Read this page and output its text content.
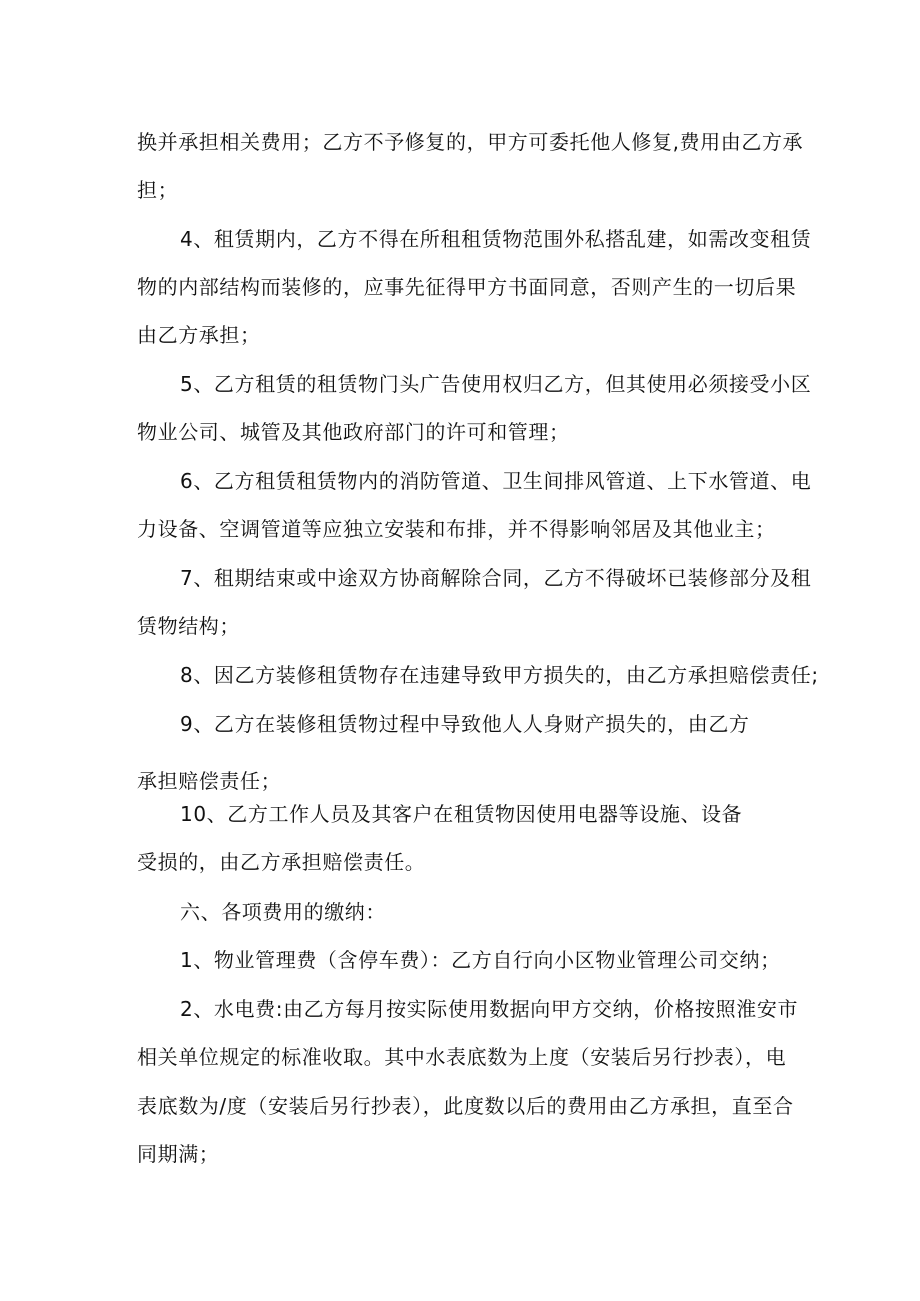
换并承担相关费用；乙方不予修复的，甲方可委托他人修复,费用由乙方承
担；
4、租赁期内，乙方不得在所租租赁物范围外私搭乱建，如需改变租赁
物的内部结构而装修的，应事先征得甲方书面同意，否则产生的一切后果
由乙方承担；
5、乙方租赁的租赁物门头广告使用权归乙方，但其使用必须接受小区
物业公司、城管及其他政府部门的许可和管理；
6、乙方租赁租赁物内的消防管道、卫生间排风管道、上下水管道、电
力设备、空调管道等应独立安装和布排，并不得影响邻居及其他业主；
7、租期结束或中途双方协商解除合同，乙方不得破坏已装修部分及租
赁物结构；
8、因乙方装修租赁物存在违建导致甲方损失的，由乙方承担赔偿责任;
9、乙方在装修租赁物过程中导致他人人身财产损失的，由乙方
承担赔偿责任；
10、乙方工作人员及其客户在租赁物因使用电器等设施、设备
受损的，由乙方承担赔偿责任。
六、各项费用的缴纳：
1、物业管理费（含停车费）：乙方自行向小区物业管理公司交纳；
2、水电费:由乙方每月按实际使用数据向甲方交纳，价格按照淮安市
相关单位规定的标准收取。其中水表底数为上度（安装后另行抄表），电
表底数为/度（安装后另行抄表），此度数以后的费用由乙方承担，直至合
同期满；
